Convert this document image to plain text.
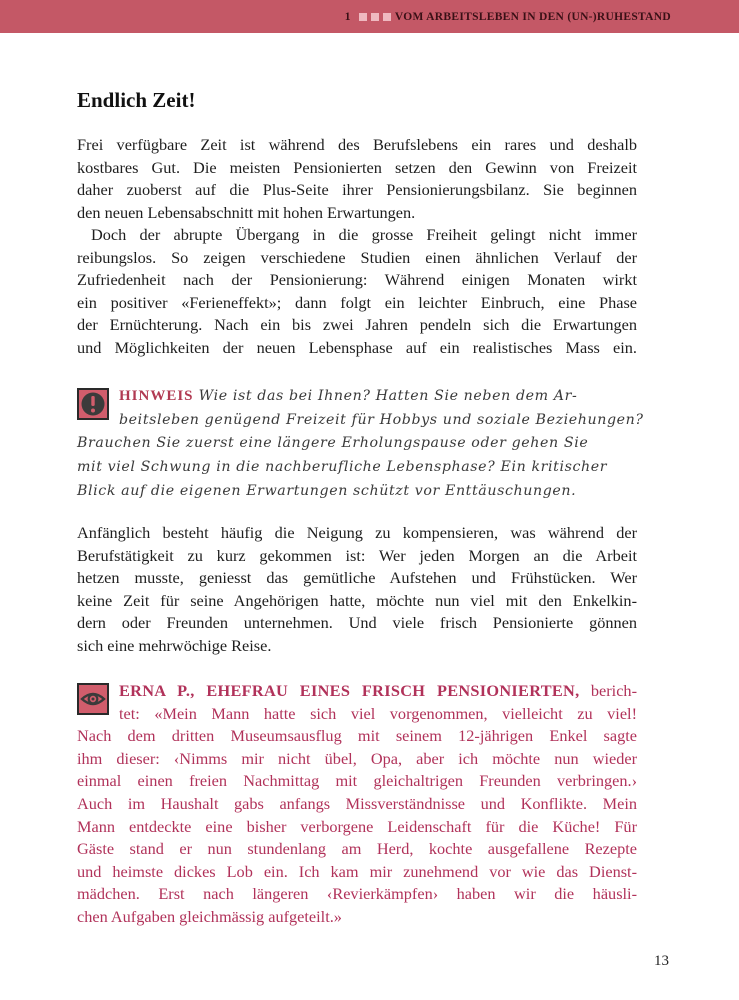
1	VOM ARBEITSLEBEN IN DEN (UN-)RUHESTAND
Endlich Zeit!
Frei verfügbare Zeit ist während des Berufslebens ein rares und deshalb
kostbares Gut. Die meisten Pensionierten setzen den Gewinn von Freizeit
daher zuoberst auf die Plus-Seite ihrer Pensionierungsbilanz. Sie beginnen
den neuen Lebensabschnitt mit hohen Erwartungen.
Doch der abrupte Übergang in die grosse Freiheit gelingt nicht immer
reibungslos. So zeigen verschiedene Studien einen ähnlichen Verlauf der
Zufriedenheit nach der Pensionierung: Während einigen Monaten wirkt
ein positiver «Ferieneffekt»; dann folgt ein leichter Einbruch, eine Phase
der Ernüchterung. Nach ein bis zwei Jahren pendeln sich die Erwartungen
und Möglichkeiten der neuen Lebensphase auf ein realistisches Mass ein.
HINWEIS Wie ist das bei Ihnen? Hatten Sie neben dem Ar-
beitsleben genügend Freizeit für Hobbys und soziale Beziehungen?
Brauchen Sie zuerst eine längere Erholungspause oder gehen Sie
mit viel Schwung in die nachberufliche Lebensphase? Ein kritischer
Blick auf die eigenen Erwartungen schützt vor Enttäuschungen.
Anfänglich besteht häufig die Neigung zu kompensieren, was während der
Berufstätigkeit zu kurz gekommen ist: Wer jeden Morgen an die Arbeit
hetzen musste, geniesst das gemütliche Aufstehen und Frühstücken. Wer
keine Zeit für seine Angehörigen hatte, möchte nun viel mit den Enkelkin-
dern oder Freunden unternehmen. Und viele frisch Pensionierte gönnen
sich eine mehrwöchige Reise.
ERNA P., EHEFRAU EINES FRISCH PENSIONIERTEN, berich-
tet: «Mein Mann hatte sich viel vorgenommen, vielleicht zu viel!
Nach dem dritten Museumsausflug mit seinem 12-jährigen Enkel sagte
ihm dieser: ‹Nimms mir nicht übel, Opa, aber ich möchte nun wieder
einmal einen freien Nachmittag mit gleichaltrigen Freunden verbringen.›
Auch im Haushalt gabs anfangs Missverständnisse und Konflikte. Mein
Mann entdeckte eine bisher verborgene Leidenschaft für die Küche! Für
Gäste stand er nun stundenlang am Herd, kochte ausgefallene Rezepte
und heimste dickes Lob ein. Ich kam mir zunehmend vor wie das Dienst-
mädchen. Erst nach längeren ‹Revierkämpfen› haben wir die häusli-
chen Aufgaben gleichmässig aufgeteilt.»
13
